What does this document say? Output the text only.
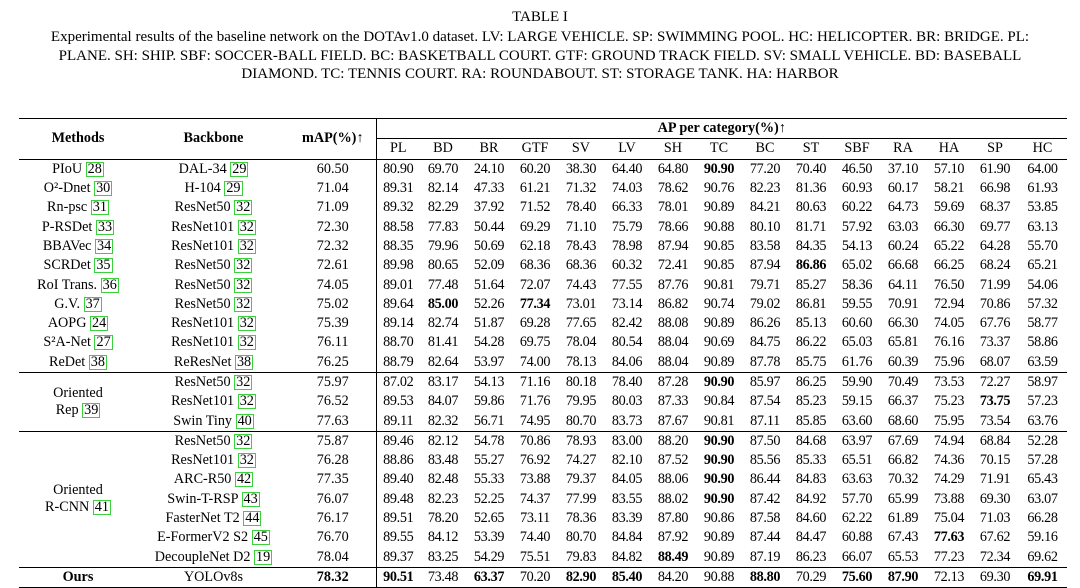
TABLE I
Experimental results of the baseline network on the DOTAv1.0 dataset. LV: LARGE VEHICLE. SP: SWIMMING POOL. HC: HELICOPTER. BR: BRIDGE. PL: PLANE. SH: SHIP. SBF: SOCCER-BALL FIELD. BC: BASKETBALL COURT. GTF: GROUND TRACK FIELD. SV: SMALL VEHICLE. BD: BASEBALL DIAMOND. TC: TENNIS COURT. RA: ROUNDABOUT. ST: STORAGE TANK. HA: HARBOR
Methods	Backbone	mAP(%)↑	AP per category(%)↑														
			PL	BD	BR	GTF	SV	LV	SH	TC	BC	ST	SBF	RA	HA	SP	HC
PIoU 28	DAL-34 29	60.50	80.90	69.70	24.10	60.20	38.30	64.40	64.80	90.90	77.20	70.40	46.50	37.10	57.10	61.90	64.00
O²-Dnet 30	H-104 29	71.04	89.31	82.14	47.33	61.21	71.32	74.03	78.62	90.76	82.23	81.36	60.93	60.17	58.21	66.98	61.93
Rn-psc 31	ResNet50 32	71.09	89.32	82.29	37.92	71.52	78.40	66.33	78.01	90.89	84.21	80.63	60.22	64.73	59.69	68.37	53.85
P-RSDet 33	ResNet101 32	72.30	88.58	77.83	50.44	69.29	71.10	75.79	78.66	90.88	80.10	81.71	57.92	63.03	66.30	69.77	63.13
BBAVec 34	ResNet101 32	72.32	88.35	79.96	50.69	62.18	78.43	78.98	87.94	90.85	83.58	84.35	54.13	60.24	65.22	64.28	55.70
SCRDet 35	ResNet50 32	72.61	89.98	80.65	52.09	68.36	68.36	60.32	72.41	90.85	87.94	86.86	65.02	66.68	66.25	68.24	65.21
RoI Trans. 36	ResNet50 32	74.05	89.01	77.48	51.64	72.07	74.43	77.55	87.76	90.81	79.71	85.27	58.36	64.11	76.50	71.99	54.06
G.V. 37	ResNet50 32	75.02	89.64	85.00	52.26	77.34	73.01	73.14	86.82	90.74	79.02	86.81	59.55	70.91	72.94	70.86	57.32
AOPG 24	ResNet101 32	75.39	89.14	82.74	51.87	69.28	77.65	82.42	88.08	90.89	86.26	85.13	60.60	66.30	74.05	67.76	58.77
S²A-Net 27	ResNet101 32	76.11	88.70	81.41	54.28	69.75	78.04	80.54	88.04	90.69	84.75	86.22	65.03	65.81	76.16	73.37	58.86
ReDet 38	ReResNet 38	76.25	88.79	82.64	53.97	74.00	78.13	84.06	88.04	90.89	87.78	85.75	61.76	60.39	75.96	68.07	63.59

Oriented
Rep 39	ResNet50 32	75.97	87.02	83.17	54.13	71.16	80.18	78.40	87.28	90.90	85.97	86.25	59.90	70.49	73.53	72.27	58.97
	ResNet101 32	76.52	89.53	84.07	59.86	71.76	79.95	80.03	87.33	90.84	87.54	85.23	59.15	66.37	75.23	73.75	57.23
	Swin Tiny 40	77.63	89.11	82.32	56.71	74.95	80.70	83.73	87.67	90.81	87.11	85.85	63.60	68.60	75.95	73.54	63.76

Oriented
R-CNN 41	ResNet50 32	75.87	89.46	82.12	54.78	70.86	78.93	83.00	88.20	90.90	87.50	84.68	63.97	67.69	74.94	68.84	52.28
	ResNet101 32	76.28	88.86	83.48	55.27	76.92	74.27	82.10	87.52	90.90	85.56	85.33	65.51	66.82	74.36	70.15	57.28
	ARC-R50 42	77.35	89.40	82.48	55.33	73.88	79.37	84.05	88.06	90.90	86.44	84.83	63.63	70.32	74.29	71.91	65.43
	Swin-T-RSP 43	76.07	89.48	82.23	52.25	74.37	77.99	83.55	88.02	90.90	87.42	84.92	57.70	65.99	73.88	69.30	63.07
	FasterNet T2 44	76.17	89.51	78.20	52.65	73.11	78.36	83.39	87.80	90.86	87.58	84.60	62.22	61.89	75.04	71.03	66.28
	E-FormerV2 S2 45	76.70	89.55	84.12	53.39	74.40	80.70	84.84	87.92	90.89	87.44	84.47	60.88	67.43	77.63	67.62	59.16
	DecoupleNet D2 19	78.04	89.37	83.25	54.29	75.51	79.83	84.82	88.49	90.89	87.19	86.23	66.07	65.53	77.23	72.34	69.62
Ours	YOLOv8s	78.32	90.51	73.48	63.37	70.20	82.90	85.40	84.20	90.88	88.80	70.29	75.60	87.90	72.13	69.30	69.91
